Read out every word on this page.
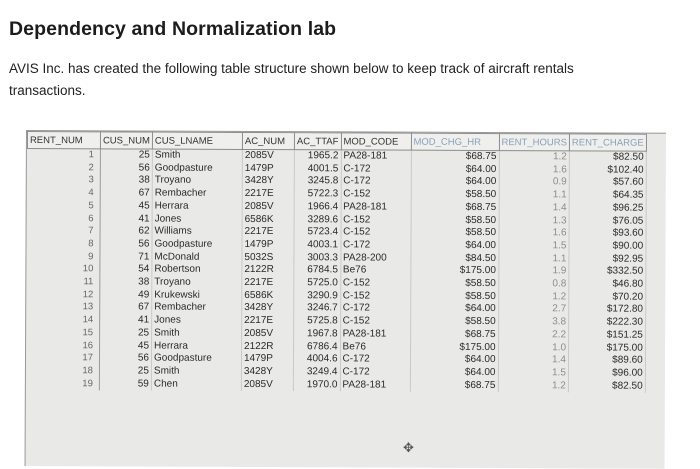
Dependency and Normalization lab
AVIS Inc. has created the following table structure shown below to keep track of aircraft rentals transactions.
RENT_NUM	CUS_NUM	CUS_LNAME	AC_NUM	AC_TTAF	MOD_CODE	MOD_CHG_HR	RENT_HOURS	RENT_CHARGE
1	25	Smith	2085V	1965.2	PA28-181	$68.75	1.2	$82.50
2	56	Goodpasture	1479P	4001.5	C-172	$64.00	1.6	$102.40
3	38	Troyano	3428Y	3245.8	C-172	$64.00	0.9	$57.60
4	67	Rembacher	2217E	5722.3	C-152	$58.50	1.1	$64.35
5	45	Herrara	2085V	1966.4	PA28-181	$68.75	1.4	$96.25
6	41	Jones	6586K	3289.6	C-152	$58.50	1.3	$76.05
7	62	Williams	2217E	5723.4	C-152	$58.50	1.6	$93.60
8	56	Goodpasture	1479P	4003.1	C-172	$64.00	1.5	$90.00
9	71	McDonald	5032S	3003.3	PA28-200	$84.50	1.1	$92.95
10	54	Robertson	2122R	6784.5	Be76	$175.00	1.9	$332.50
11	38	Troyano	2217E	5725.0	C-152	$58.50	0.8	$46.80
12	49	Krukewski	6586K	3290.9	C-152	$58.50	1.2	$70.20
13	67	Rembacher	3428Y	3246.7	C-172	$64.00	2.7	$172.80
14	41	Jones	2217E	5725.8	C-152	$58.50	3.8	$222.30
15	25	Smith	2085V	1967.8	PA28-181	$68.75	2.2	$151.25
16	45	Herrara	2122R	6786.4	Be76	$175.00	1.0	$175.00
17	56	Goodpasture	1479P	4004.6	C-172	$64.00	1.4	$89.60
18	25	Smith	3428Y	3249.4	C-172	$64.00	1.5	$96.00
19	59	Chen	2085V	1970.0	PA28-181	$68.75	1.2	$82.50
✥
